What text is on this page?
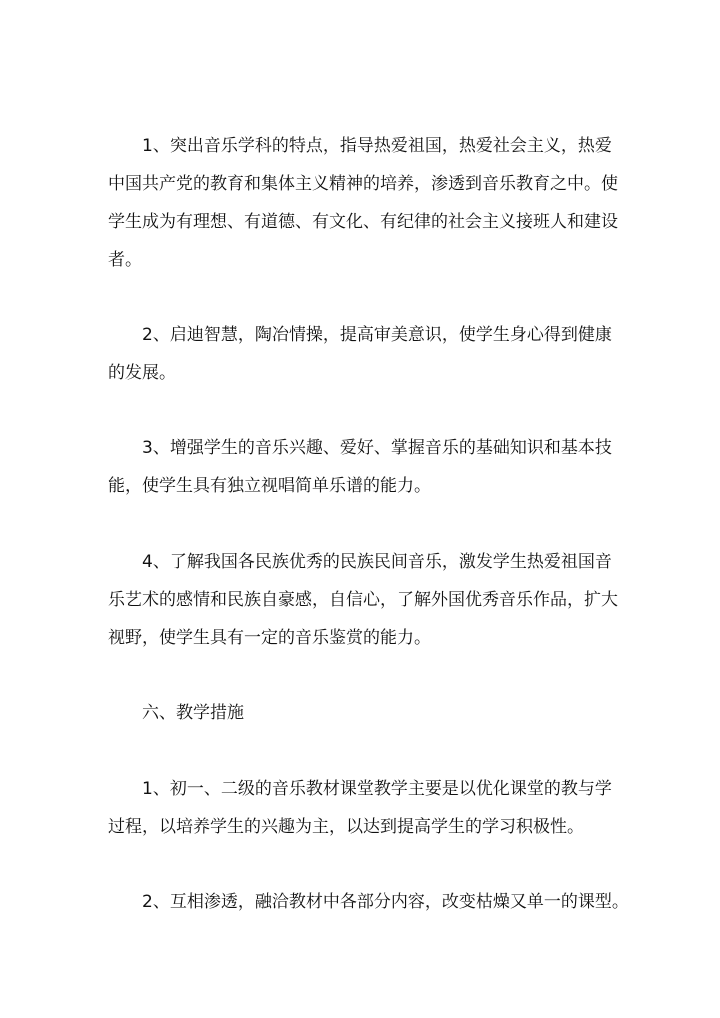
1、突出音乐学科的特点，指导热爱祖国，热爱社会主义，热爱
中国共产党的教育和集体主义精神的培养，渗透到音乐教育之中。使
学生成为有理想、有道德、有文化、有纪律的社会主义接班人和建设
者。
2、启迪智慧，陶冶情操，提高审美意识，使学生身心得到健康
的发展。
3、增强学生的音乐兴趣、爱好、掌握音乐的基础知识和基本技
能，使学生具有独立视唱简单乐谱的能力。
4、了解我国各民族优秀的民族民间音乐，激发学生热爱祖国音
乐艺术的感情和民族自豪感，自信心，了解外国优秀音乐作品，扩大
视野，使学生具有一定的音乐鉴赏的能力。
六、教学措施
1、初一、二级的音乐教材课堂教学主要是以优化课堂的教与学
过程，以培养学生的兴趣为主，以达到提高学生的学习积极性。
2、互相渗透，融洽教材中各部分内容，改变枯燥又单一的课型。
